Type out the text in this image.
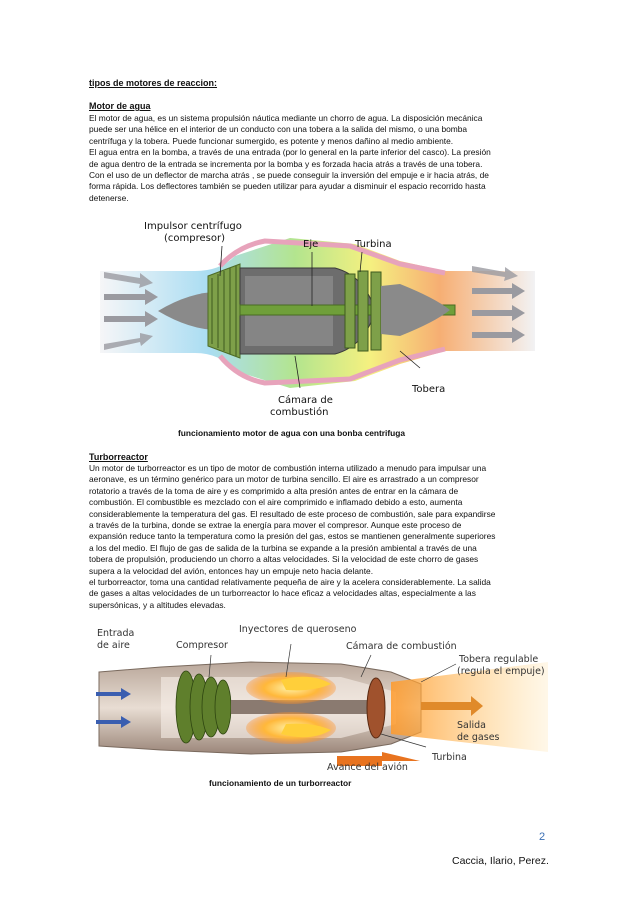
tipos de motores de reaccion:
Motor de agua

El motor de agua, es un sistema propulsión náutica mediante un chorro de agua. La disposición mecánica puede ser una hélice en el interior de un conducto con una tobera a la salida del mismo, o una bomba centrífuga y la tobera. Puede funcionar sumergido, es potente y menos dañino al medio ambiente.

El agua entra en la bomba, a través de una entrada (por lo general en la parte inferior del casco). La presión de agua dentro de la entrada se incrementa por la bomba y es forzada hacia atrás a través de una tobera. Con el uso de un deflector de marcha atrás , se puede conseguir la inversión del empuje e ir hacia atrás, de forma rápida. Los deflectores también se pueden utilizar para ayudar a disminuir el espacio recorrido hasta detenerse.

Impulsor centrífugo
(compresor)
Eje	Turbina
Tobera
Cámara de
combustión
funcionamiento motor de agua con una bonba centrifuga
Turborreactor

Un motor de turborreactor es un tipo de motor de combustión interna utilizado a menudo para impulsar una aeronave, es un término genérico para un motor de turbina sencillo. El aire es arrastrado a un compresor rotatorio a través de la toma de aire y es comprimido a alta presión antes de entrar en la cámara de combustión. El combustible es mezclado con el aire comprimido e inflamado debido a esto, aumenta considerablemente la temperatura del gas. El resultado de este proceso de combustión, sale para expandirse a través de la turbina, donde se extrae la energía para mover el compresor. Aunque este proceso de expansión reduce tanto la temperatura como la presión del gas, estos se mantienen generalmente superiores a los del medio. El flujo de gas de salida de la turbina se expande a la presión ambiental a través de una tobera de propulsión, produciendo un chorro a altas velocidades. Si la velocidad de este chorro de gases supera a la velocidad del avión, entonces hay un empuje neto hacia delante.

el turborreactor, toma una cantidad relativamente pequeña de aire y la acelera considerablemente. La salida de gases a altas velocidades de un turborreactor lo hace eficaz a velocidades altas, especialmente a las supersónicas, y a altitudes elevadas.

Entrada
de aire	Compresor
Inyectores de queroseno
Cámara de combustión
Tobera regulable
(regula el empuje)
Salida
de gases
Turbina
Avance del avión
funcionamiento de un turborreactor
2
Caccia, Ilario, Perez.
